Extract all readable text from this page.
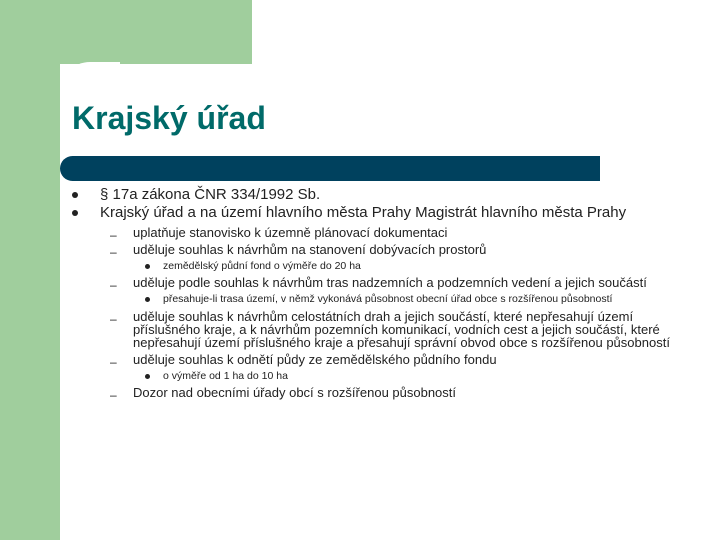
Krajský úřad
§ 17a zákona ČNR 334/1992 Sb.
Krajský úřad a na území hlavního města Prahy Magistrát hlavního města Prahy
– uplatňuje stanovisko k územně plánovací dokumentaci
– uděluje souhlas k návrhům na stanovení dobývacích prostorů
zemědělský půdní fond o výměře do 20 ha
– uděluje podle souhlas k návrhům tras nadzemních a podzemních vedení a jejich součástí
přesahuje-li trasa území, v němž vykonává působnost obecní úřad obce s rozšířenou působností
– uděluje souhlas k návrhům celostátních drah a jejich součástí, které nepřesahují území příslušného kraje, a k návrhům pozemních komunikací, vodních cest a jejich součástí, které nepřesahují území příslušného kraje a přesahují správní obvod obce s rozšířenou působností
– uděluje souhlas k odnětí půdy ze zemědělského půdního fondu
o výměře od 1 ha do 10 ha
– Dozor nad obecními úřady obcí s rozšířenou působností
